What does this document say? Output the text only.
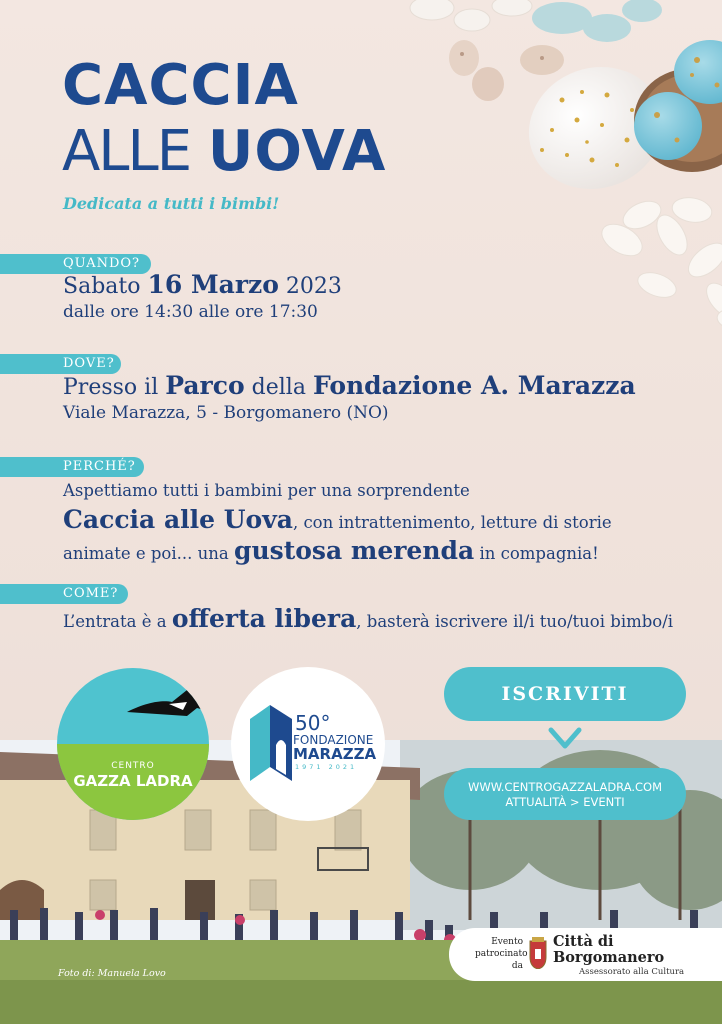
CACCIA
ALLE UOVA
Dedicata a tutti i bimbi!
QUANDO?
Sabato 16 Marzo 2023
dalle ore 14:30 alle ore 17:30
DOVE?
Presso il Parco della Fondazione A. Marazza
Viale Marazza, 5 - Borgomanero (NO)
PERCHÉ?
Aspettiamo tutti i bambini per una sorprendente
Caccia alle Uova, con intrattenimento, letture di storie
animate e poi... una gustosa merenda in compagnia!
COME?
L’entrata è a offerta libera, basterà iscrivere il/i tuo/tuoi bimbo/i
CENTRO
GAZZA LADRA
50°
FONDAZIONE
MARAZZA
1971 2021
ISCRIVITI
WWW.CENTROGAZZALADRA.COM
ATTUALITÀ > EVENTI
Foto di: Manuela Lovo
Evento
patrocinato
da
Città di
Borgomanero
Assessorato alla Cultura
